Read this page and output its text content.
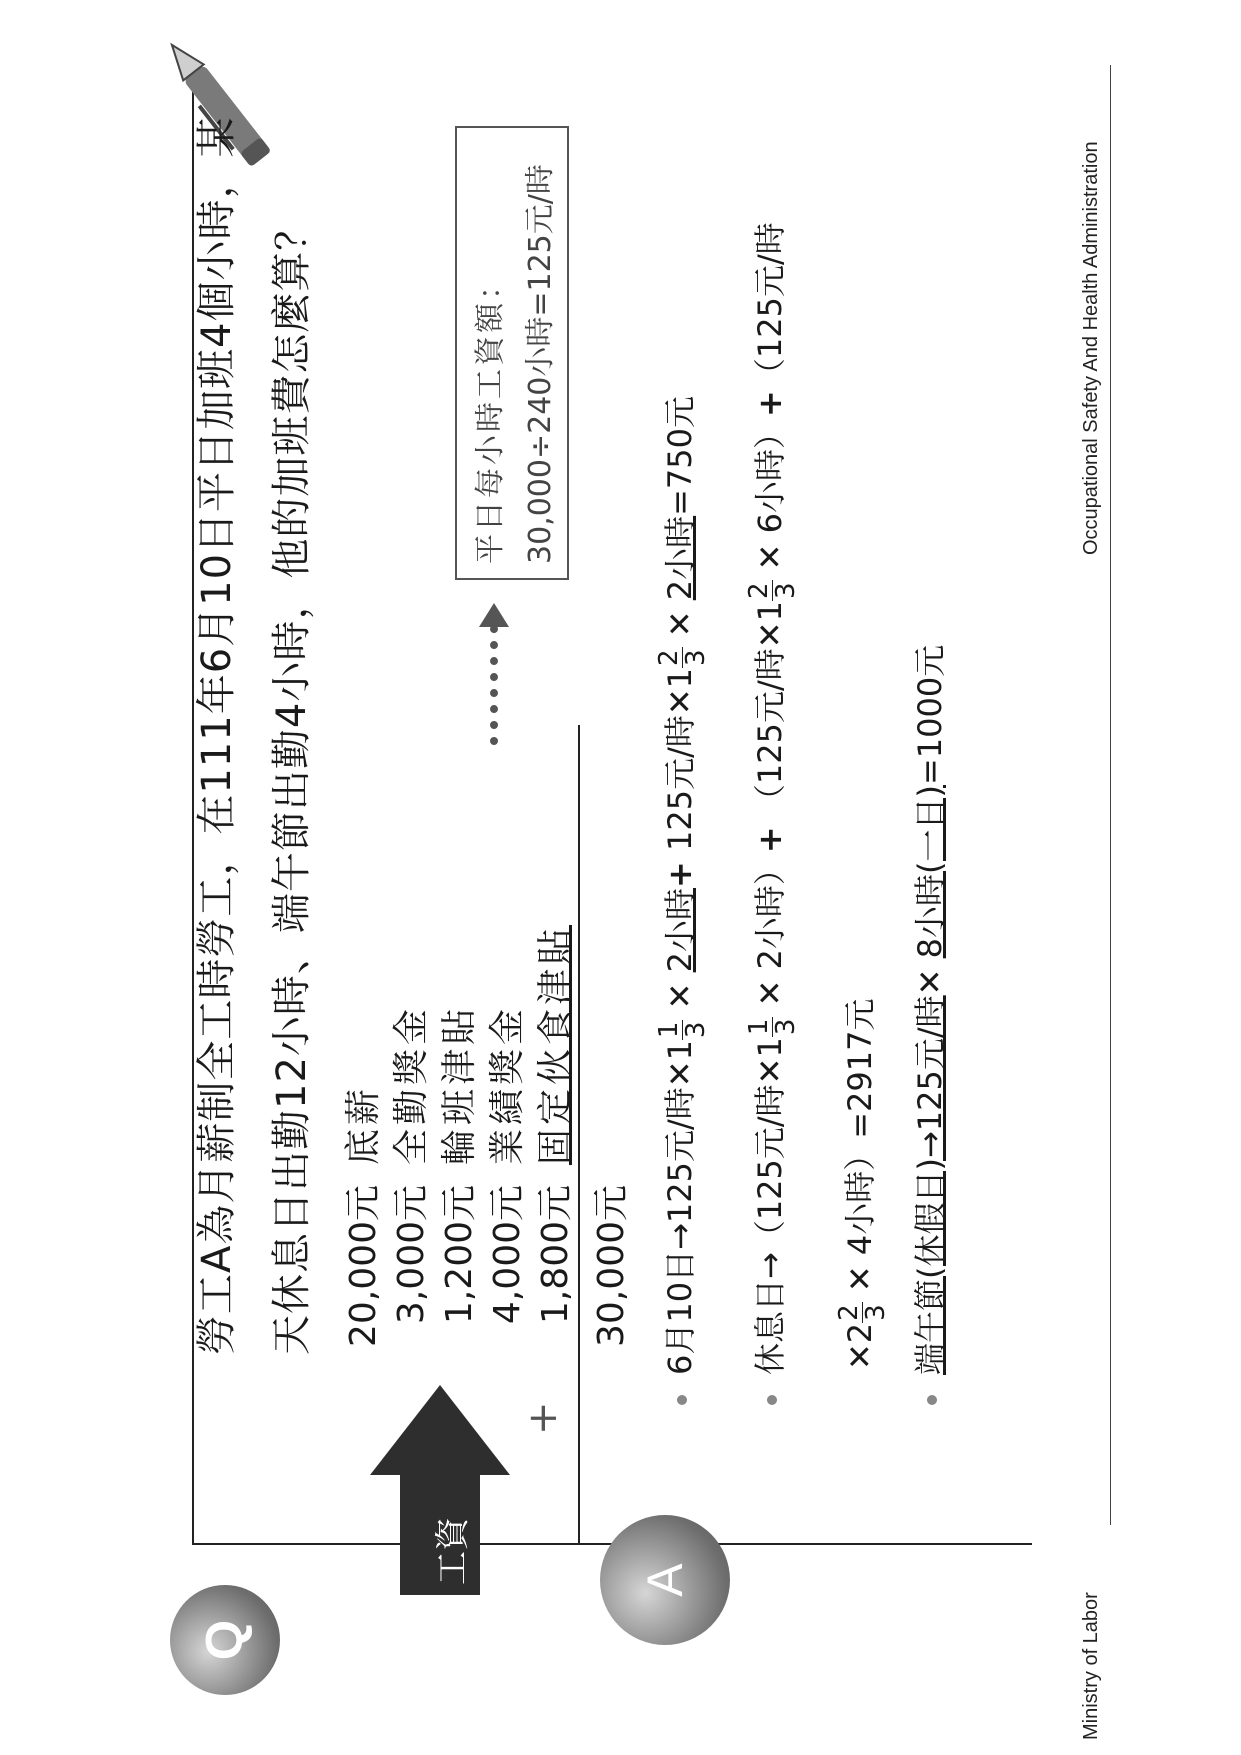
Q
勞工A為月薪制全工時勞工，在111年6月10日平日加班4個小時，某 天休息日出勤12小時、端午節出勤4小時，他的加班費怎麼算？
工資
20,000元
底薪
3,000元
全勤獎金
1,200元
輪班津貼
4,000元
業績獎金
1,800元
固定伙食津貼
+
30,000元
平日每小時工資額： 30,000÷240小時=125元/時
A
6月10日→125元/時✕1
1
3
✕ 2小時+ 125元/時✕1
2
3
✕ 2小時=750元
休息日→（125元/時✕1
1
3
✕ 2小時）+ （125元/時✕1
2
3
✕ 6小時）+（125元/時
✕2
2
3
✕ 4小時）=2917元 端午節(休假日)→125元/時✕ 8小時(一日)=1000元
Ministry of Labor
Occupational Safety And Health Administration
